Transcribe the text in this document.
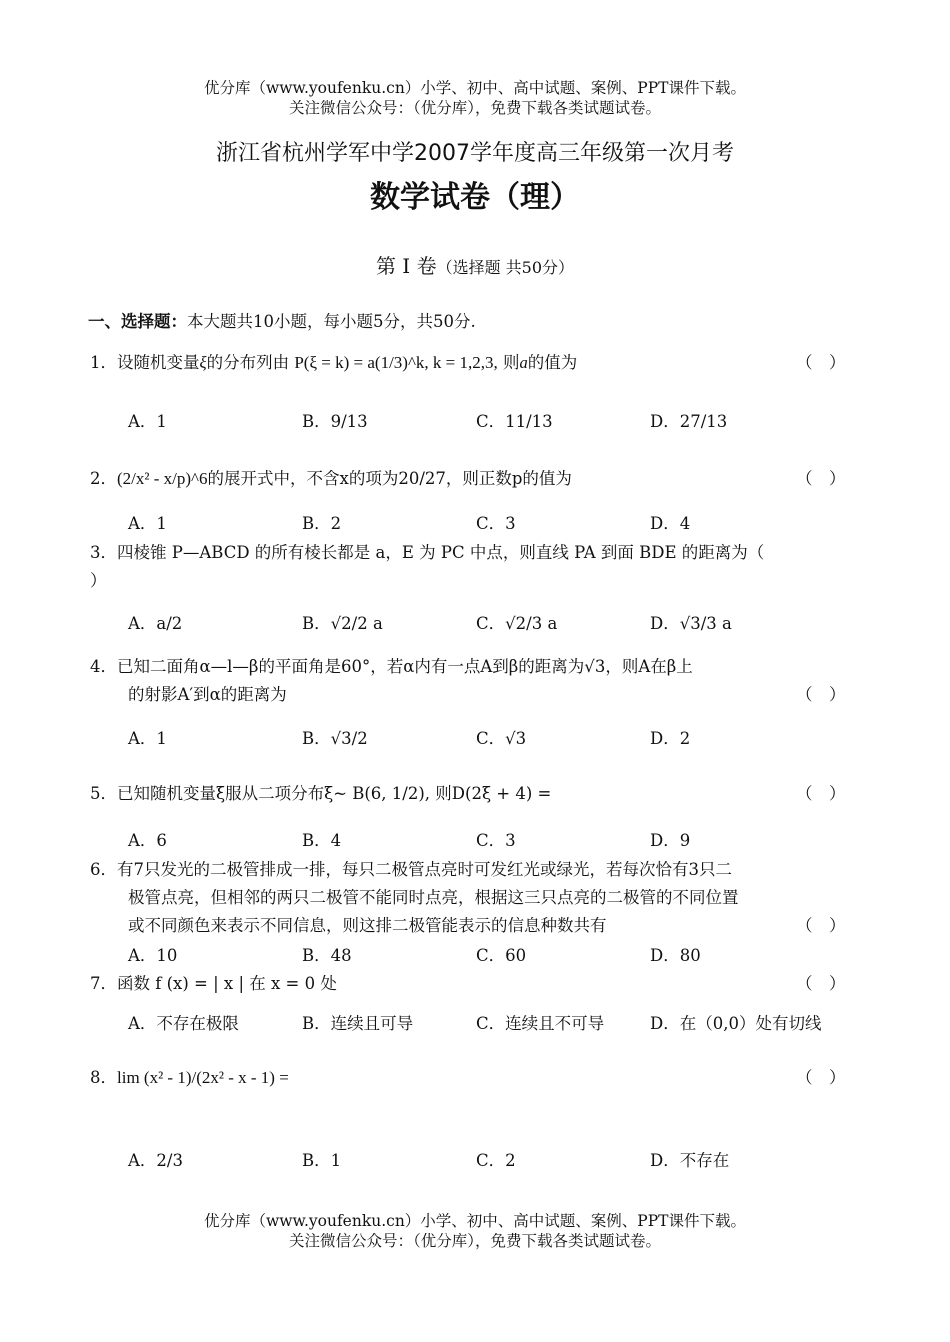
优分库（www.youfenku.cn）小学、初中、高中试题、案例、PPT课件下载。
关注微信公众号：（优分库），免费下载各类试题试卷。
浙江省杭州学军中学2007学年度高三年级第一次月考
数学试卷（理）
第 I 卷（选择题 共50分）
一、选择题：本大题共10小题，每小题5分，共50分.
1．设随机变量ξ的分布列由 P(ξ = k) = a(1/3)^k, k = 1,2,3, 则a的值为	（　）
A．1	B．9/13	C．11/13	D．27/13
2．(2/x² - x/p)^6的展开式中，不含x的项为20/27，则正数p的值为	（　）
A．1	B．2	C．3	D．4
3．四棱锥 P—ABCD 的所有棱长都是 a，E 为 PC 中点，则直线 PA 到面 BDE 的距离为（
）
A．a/2	B．√2/2 a	C．√2/3 a	D．√3/3 a
4．已知二面角α—l—β的平面角是60°，若α内有一点A到β的距离为√3，则A在β上
的射影A′到α的距离为	（　）
A．1	B．√3/2	C．√3	D．2
5．已知随机变量ξ服从二项分布ξ~ B(6, 1/2), 则D(2ξ + 4) =	（　）
A．6	B．4	C．3	D．9
6．有7只发光的二极管排成一排，每只二极管点亮时可发红光或绿光，若每次恰有3只二
极管点亮，但相邻的两只二极管不能同时点亮，根据这三只点亮的二极管的不同位置
或不同颜色来表示不同信息，则这排二极管能表示的信息种数共有	（　）
A．10	B．48	C．60	D．80
7．函数 f (x) = | x | 在 x = 0 处	（　）
A．不存在极限	B．连续且可导	C．连续且不可导	D．在（0,0）处有切线
8．lim (x² - 1)/(2x² - x - 1) =	（　）
A．2/3	B．1	C．2	D．不存在
优分库（www.youfenku.cn）小学、初中、高中试题、案例、PPT课件下载。
关注微信公众号：（优分库），免费下载各类试题试卷。
